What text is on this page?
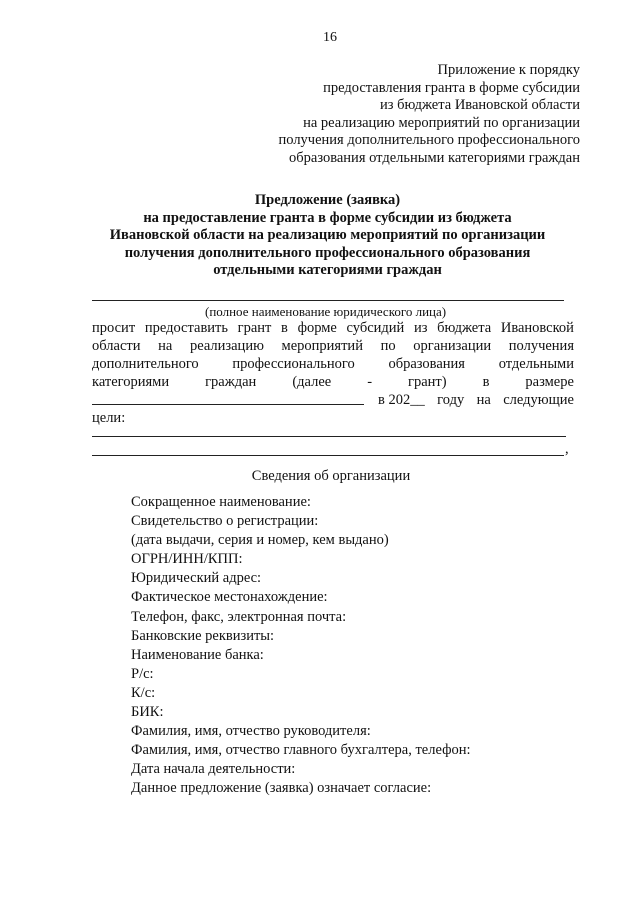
16
Приложение к порядку
предоставления гранта в форме субсидии
из бюджета Ивановской области
на реализацию мероприятий по организации
получения дополнительного профессионального
образования отдельными категориями граждан
Предложение (заявка)
на предоставление гранта в форме субсидии из бюджета
Ивановской области на реализацию мероприятий по организации
получения дополнительного профессионального образования
отдельными категориями граждан
(полное наименование юридического лица)
просит предоставить грант в форме субсидий из бюджета Ивановской
области на реализацию мероприятий по организации получения
дополнительного профессионального образования отдельными
категориями граждан (далее - грант) в размере
в 202__ году на следующие
цели:
,
Сведения об организации
Сокращенное наименование:
Свидетельство о регистрации:
(дата выдачи, серия и номер, кем выдано)
ОГРН/ИНН/КПП:
Юридический адрес:
Фактическое местонахождение:
Телефон, факс, электронная почта:
Банковские реквизиты:
Наименование банка:
Р/с:
К/с:
БИК:
Фамилия, имя, отчество руководителя:
Фамилия, имя, отчество главного бухгалтера, телефон:
Дата начала деятельности:
Данное предложение (заявка) означает согласие:
